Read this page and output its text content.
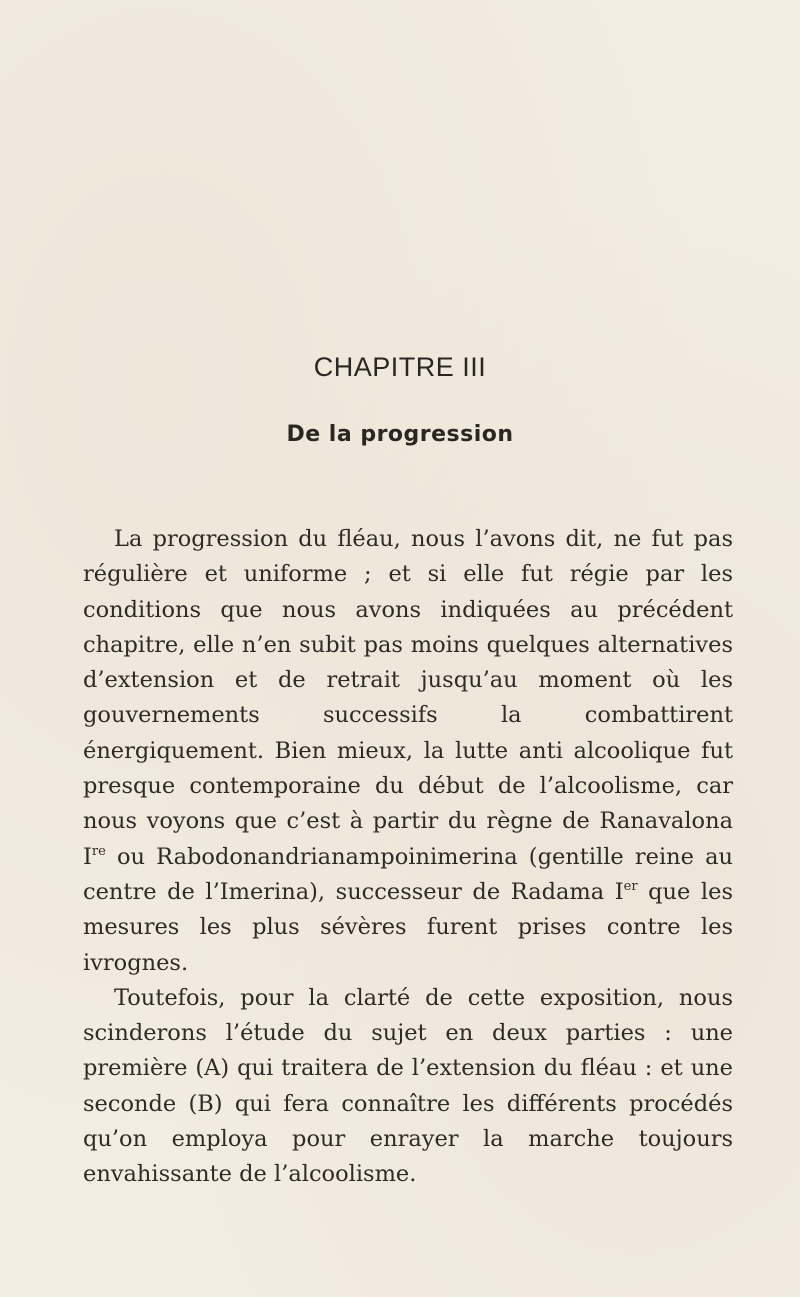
CHAPITRE III
De la progression

La progression du fléau, nous l’avons dit, ne fut pas régulière et uniforme ; et si elle fut régie par les conditions que nous avons indiquées au précédent chapitre, elle n’en subit pas moins quelques alternatives d’extension et de retrait jusqu’au moment où les gouvernements successifs la combattirent énergiquement. Bien mieux, la lutte anti alcoolique fut presque contemporaine du début de l’alcoolisme, car nous voyons que c’est à partir du règne de Ranavalona Ire ou Rabodonandrianampoinimerina (gentille reine au centre de l’Imerina), successeur de Radama Ier que les mesures les plus sévères furent prises contre les ivrognes.

Toutefois, pour la clarté de cette exposition, nous scinderons l’étude du sujet en deux parties : une première (A) qui traitera de l’extension du fléau : et une seconde (B) qui fera connaître les différents procédés qu’on employa pour enrayer la marche toujours envahissante de l’alcoolisme.
